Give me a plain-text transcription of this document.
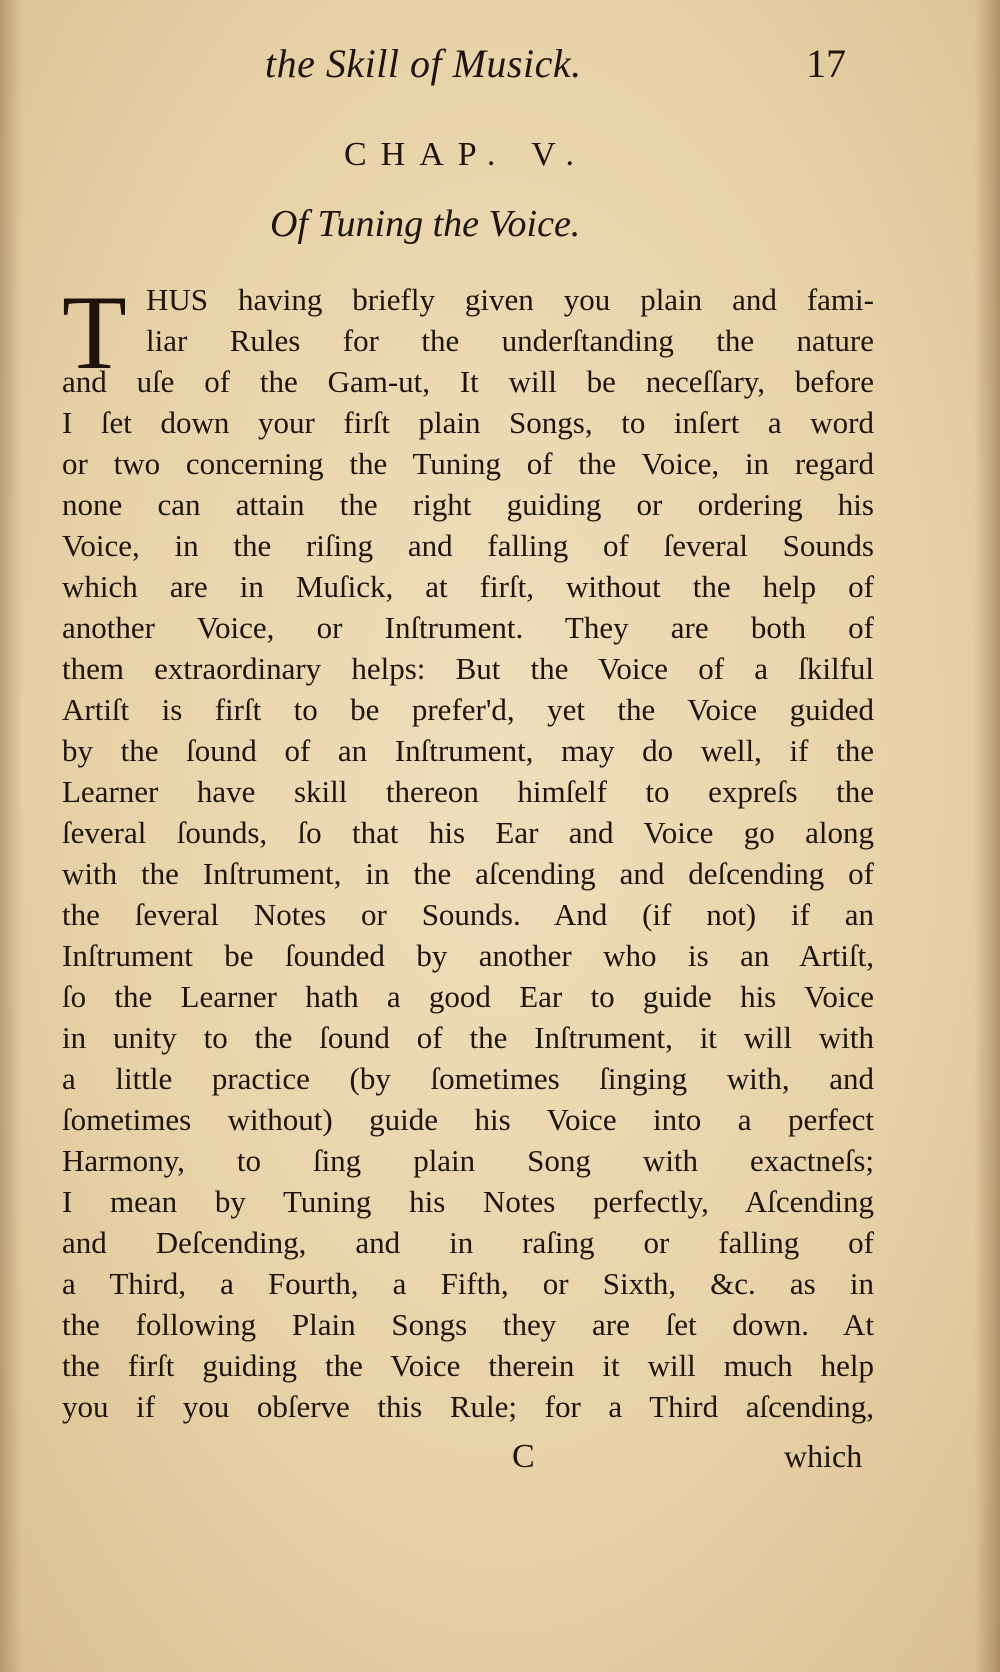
the Skill of Musick.	17
CHAP. V.
Of Tuning the Voice.
T HUS having briefly given you plain and fami-
liar Rules for the underſtanding the nature
and uſe of the Gam-ut, It will be neceſſary, before
I ſet down your firſt plain Songs, to inſert a word
or two concerning the Tuning of the Voice, in regard
none can attain the right guiding or ordering his
Voice, in the riſing and falling of ſeveral Sounds
which are in Muſick, at firſt, without the help of
another Voice, or Inſtrument. They are both of
them extraordinary helps: But the Voice of a ſkilful
Artiſt is firſt to be prefer'd, yet the Voice guided
by the ſound of an Inſtrument, may do well, if the
Learner have skill thereon himſelf to expreſs the
ſeveral ſounds, ſo that his Ear and Voice go along
with the Inſtrument, in the aſcending and deſcending of
the ſeveral Notes or Sounds. And (if not) if an
Inſtrument be ſounded by another who is an Artiſt,
ſo the Learner hath a good Ear to guide his Voice
in unity to the ſound of the Inſtrument, it will with
a little practice (by ſometimes ſinging with, and
ſometimes without) guide his Voice into a perfect
Harmony, to ſing plain Song with exactneſs;
I mean by Tuning his Notes perfectly, Aſcending
and Deſcending, and in raſing or falling of
a Third, a Fourth, a Fifth, or Sixth, &c. as in
the following Plain Songs they are ſet down. At
the firſt guiding the Voice therein it will much help
you if you obſerve this Rule; for a Third aſcending,
C	which
